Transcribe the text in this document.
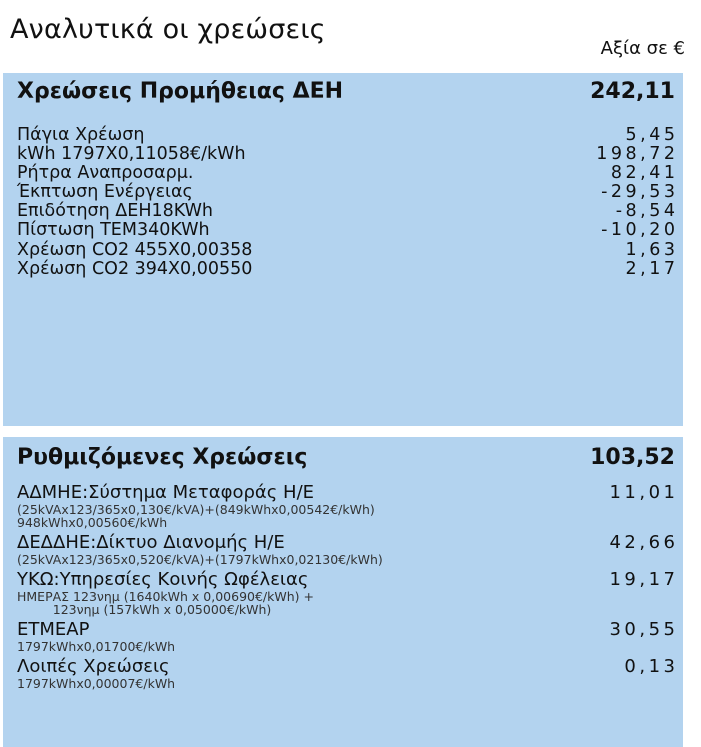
Αναλυτικά οι χρεώσεις
Αξία σε €
Χρεώσεις Προμήθειας ΔΕΗ	242,11
Πάγια Χρέωση	5,45
kWh 1797X0,11058€/kWh	198,72
Ρήτρα Αναπροσαρμ.	82,41
Έκπτωση Ενέργειας	-29,53
Επιδότηση ΔΕΗ18KWh	-8,54
Πίστωση ΤΕΜ340KWh	-10,20
Χρέωση CO2 455X0,00358	1,63
Χρέωση CO2 394X0,00550	2,17
Ρυθμιζόμενες Χρεώσεις	103,52
ΑΔΜΗΕ:Σύστημα Μεταφοράς Η/Ε	11,01
(25kVAx123/365x0,130€/kVA)+(849kWhx0,00542€/kWh)
948kWhx0,00560€/kWh
ΔΕΔΔΗΕ:Δίκτυο Διανομής Η/Ε	42,66
(25kVAx123/365x0,520€/kVA)+(1797kWhx0,02130€/kWh)
ΥΚΩ:Υπηρεσίες Κοινής Ωφέλειας	19,17
ΗΜΕΡΑΣ 123νημ (1640kWh x 0,00690€/kWh) +
123νημ (157kWh x 0,05000€/kWh)
ΕΤΜΕΑΡ	30,55
1797kWhx0,01700€/kWh
Λοιπές Χρεώσεις	0,13
1797kWhx0,00007€/kWh
